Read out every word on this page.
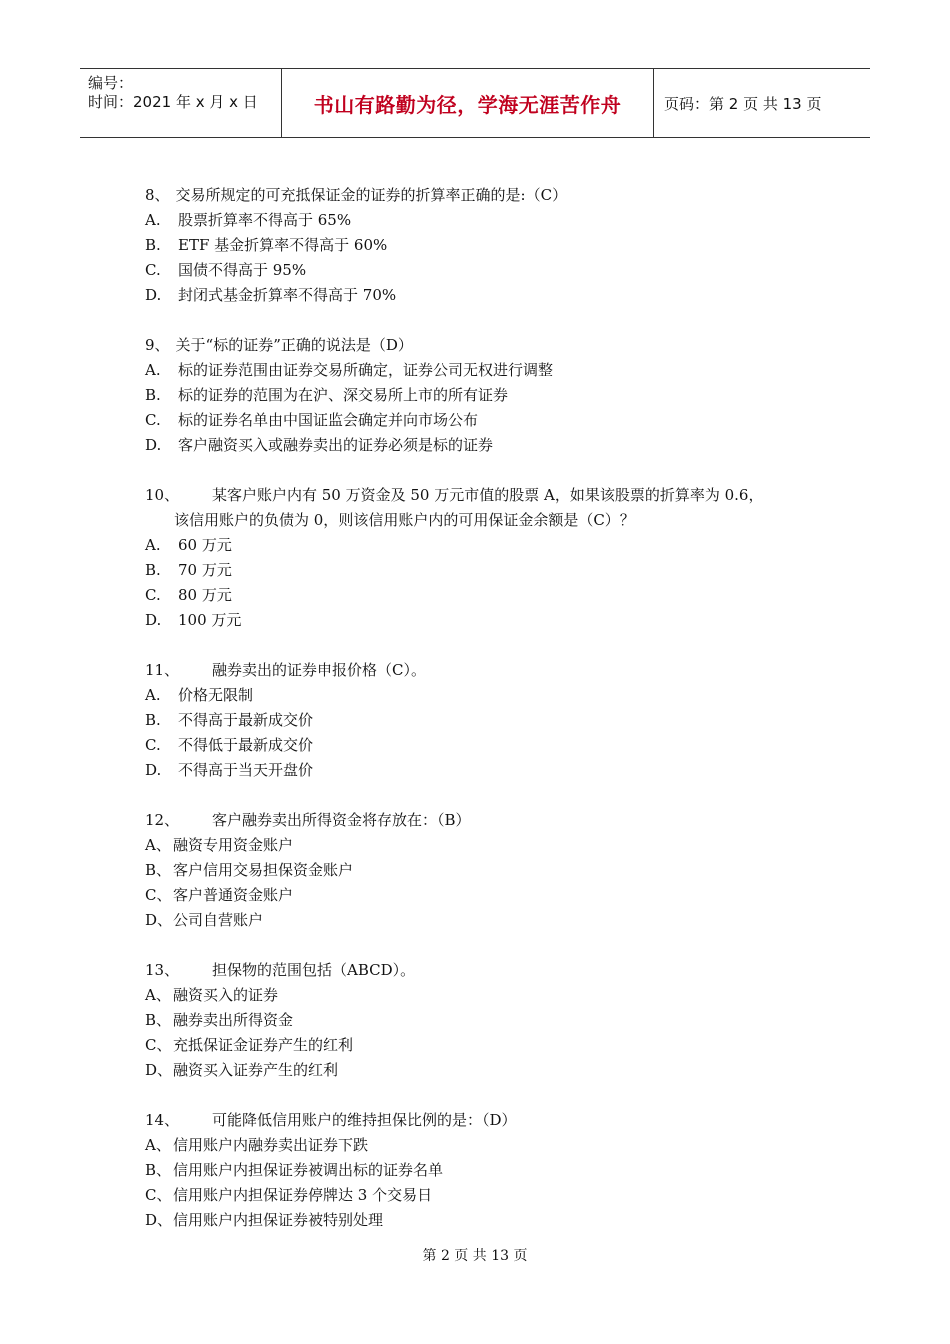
编号：
时间：2021 年 x 月 x 日	书山有路勤为径，学海无涯苦作舟	页码：第 2 页 共 13 页
8、 交易所规定的可充抵保证金的证券的折算率正确的是:（C）
A. 股票折算率不得高于 65%
B. ETF 基金折算率不得高于 60%
C. 国债不得高于 95%
D. 封闭式基金折算率不得高于 70%
9、 关于“标的证券”正确的说法是（D）
A. 标的证券范围由证券交易所确定，证券公司无权进行调整
B. 标的证券的范围为在沪、深交易所上市的所有证券
C. 标的证券名单由中国证监会确定并向市场公布
D. 客户融资买入或融券卖出的证券必须是标的证券
10、 某客户账户内有 50 万资金及 50 万元市值的股票 A，如果该股票的折算率为 0.6，
该信用账户的负债为 0，则该信用账户内的可用保证金余额是（C）？
A. 60 万元
B. 70 万元
C. 80 万元
D. 100 万元
11、 融券卖出的证券申报价格（C）。
A. 价格无限制
B. 不得高于最新成交价
C. 不得低于最新成交价
D. 不得高于当天开盘价
12、 客户融券卖出所得资金将存放在：（B）
A、 融资专用资金账户
B、 客户信用交易担保资金账户
C、 客户普通资金账户
D、公司自营账户
13、 担保物的范围包括（ABCD）。
A、 融资买入的证券
B、 融券卖出所得资金
C、 充抵保证金证券产生的红利
D、融资买入证券产生的红利
14、 可能降低信用账户的维持担保比例的是：（D）
A、 信用账户内融券卖出证券下跌
B、 信用账户内担保证券被调出标的证券名单
C、 信用账户内担保证券停牌达 3 个交易日
D、信用账户内担保证券被特别处理
第 2 页 共 13 页
